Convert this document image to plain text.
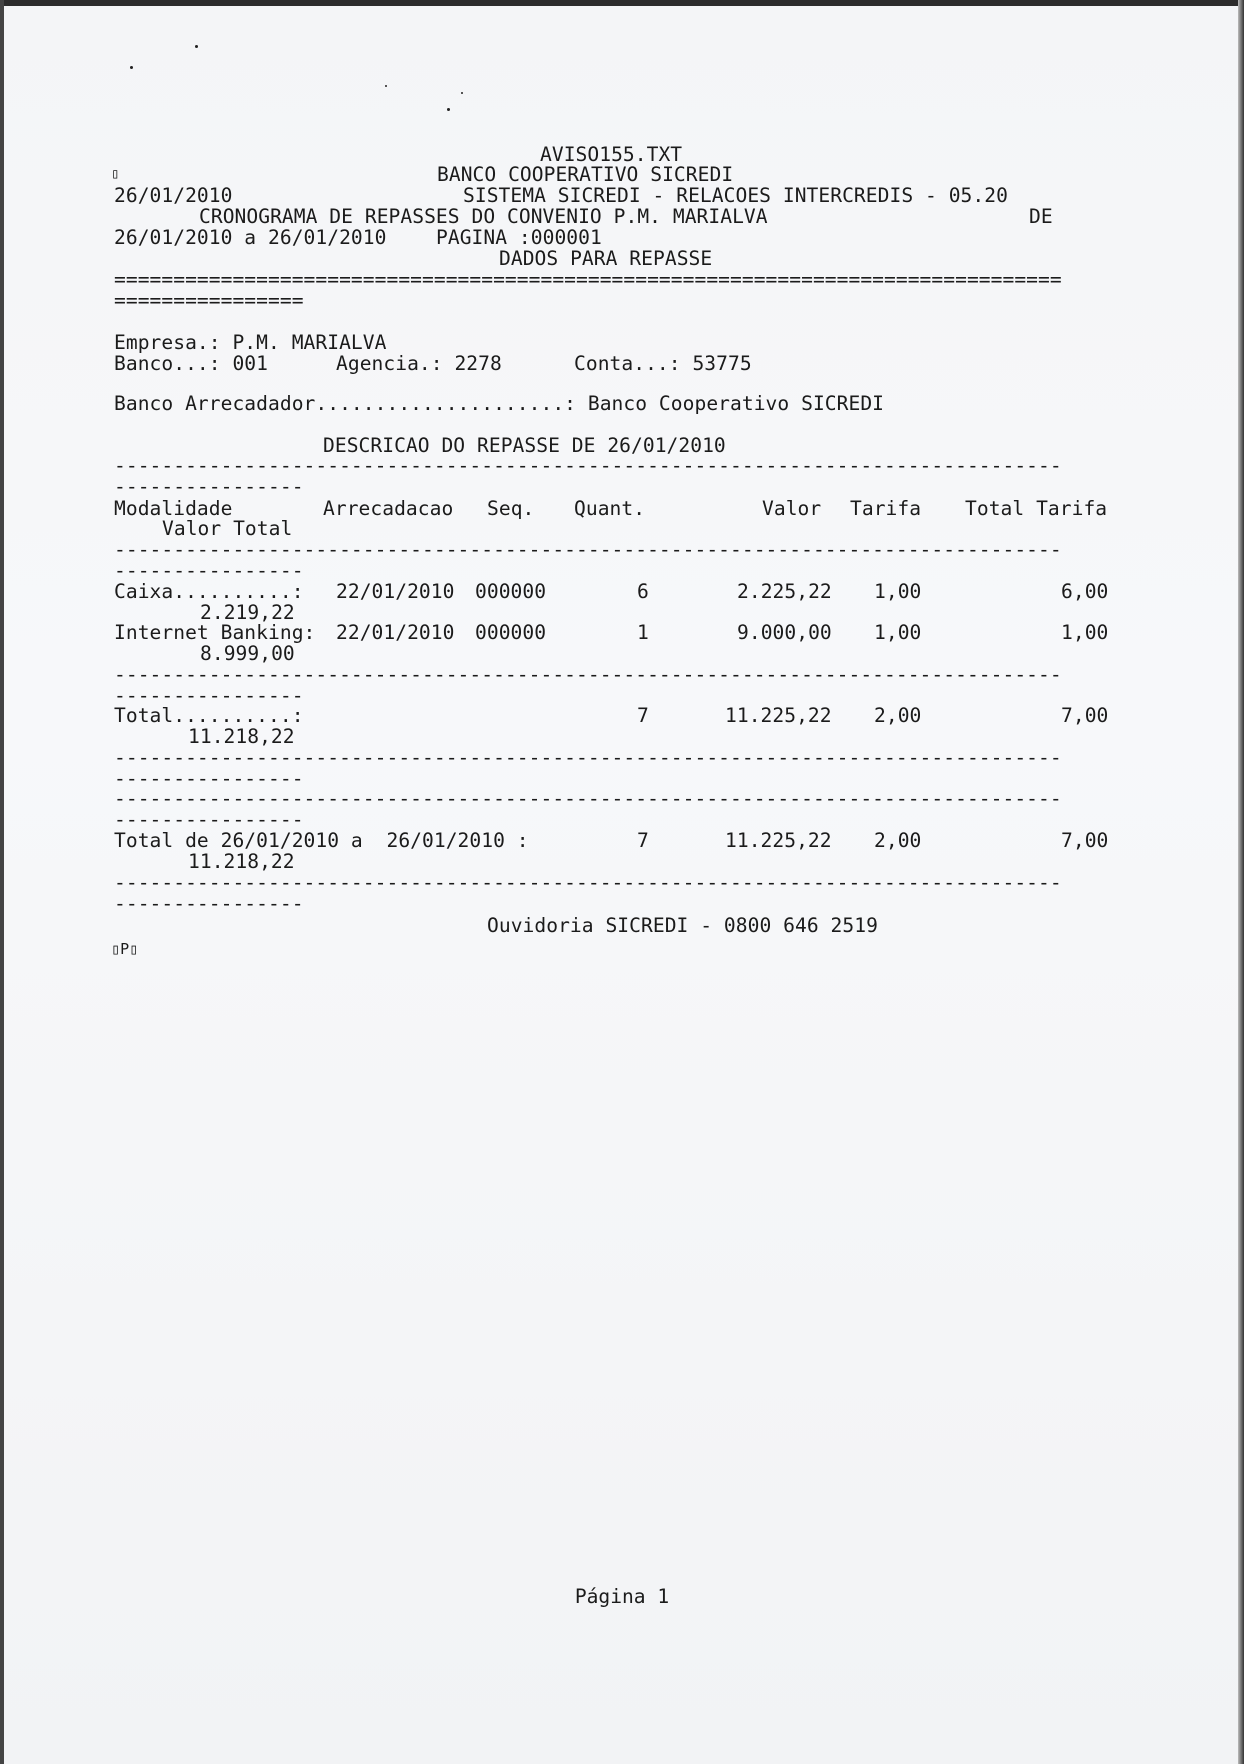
AVISO155.TXT
▯	BANCO COOPERATIVO SICREDI
26/01/2010	SISTEMA SICREDI - RELACOES INTERCREDIS - 05.20
CRONOGRAMA DE REPASSES DO CONVENIO P.M. MARIALVA	DE
26/01/2010 a 26/01/2010	PAGINA :000001
DADOS PARA REPASSE
================================================================================
================
Empresa.: P.M. MARIALVA
Banco...: 001	Agencia.: 2278	Conta...: 53775
Banco Arrecadador.....................: Banco Cooperativo SICREDI
DESCRICAO DO REPASSE DE 26/01/2010
--------------------------------------------------------------------------------
----------------
Modalidade	Arrecadacao Seq. Quant.	Valor Tarifa Total Tarifa
Valor Total
--------------------------------------------------------------------------------
----------------
Caixa..........: 22/01/2010 000000	6	2.225,22 1,00	6,00
2.219,22
Internet Banking: 22/01/2010 000000	1	9.000,00 1,00	1,00
8.999,00
--------------------------------------------------------------------------------
----------------
Total..........:	7	11.225,22 2,00	7,00
11.218,22
--------------------------------------------------------------------------------
----------------
--------------------------------------------------------------------------------
----------------
Total de 26/01/2010 a  26/01/2010 :	7	11.225,22 2,00	7,00
11.218,22
--------------------------------------------------------------------------------
----------------
Ouvidoria SICREDI - 0800 646 2519
▯P▯
Página 1
